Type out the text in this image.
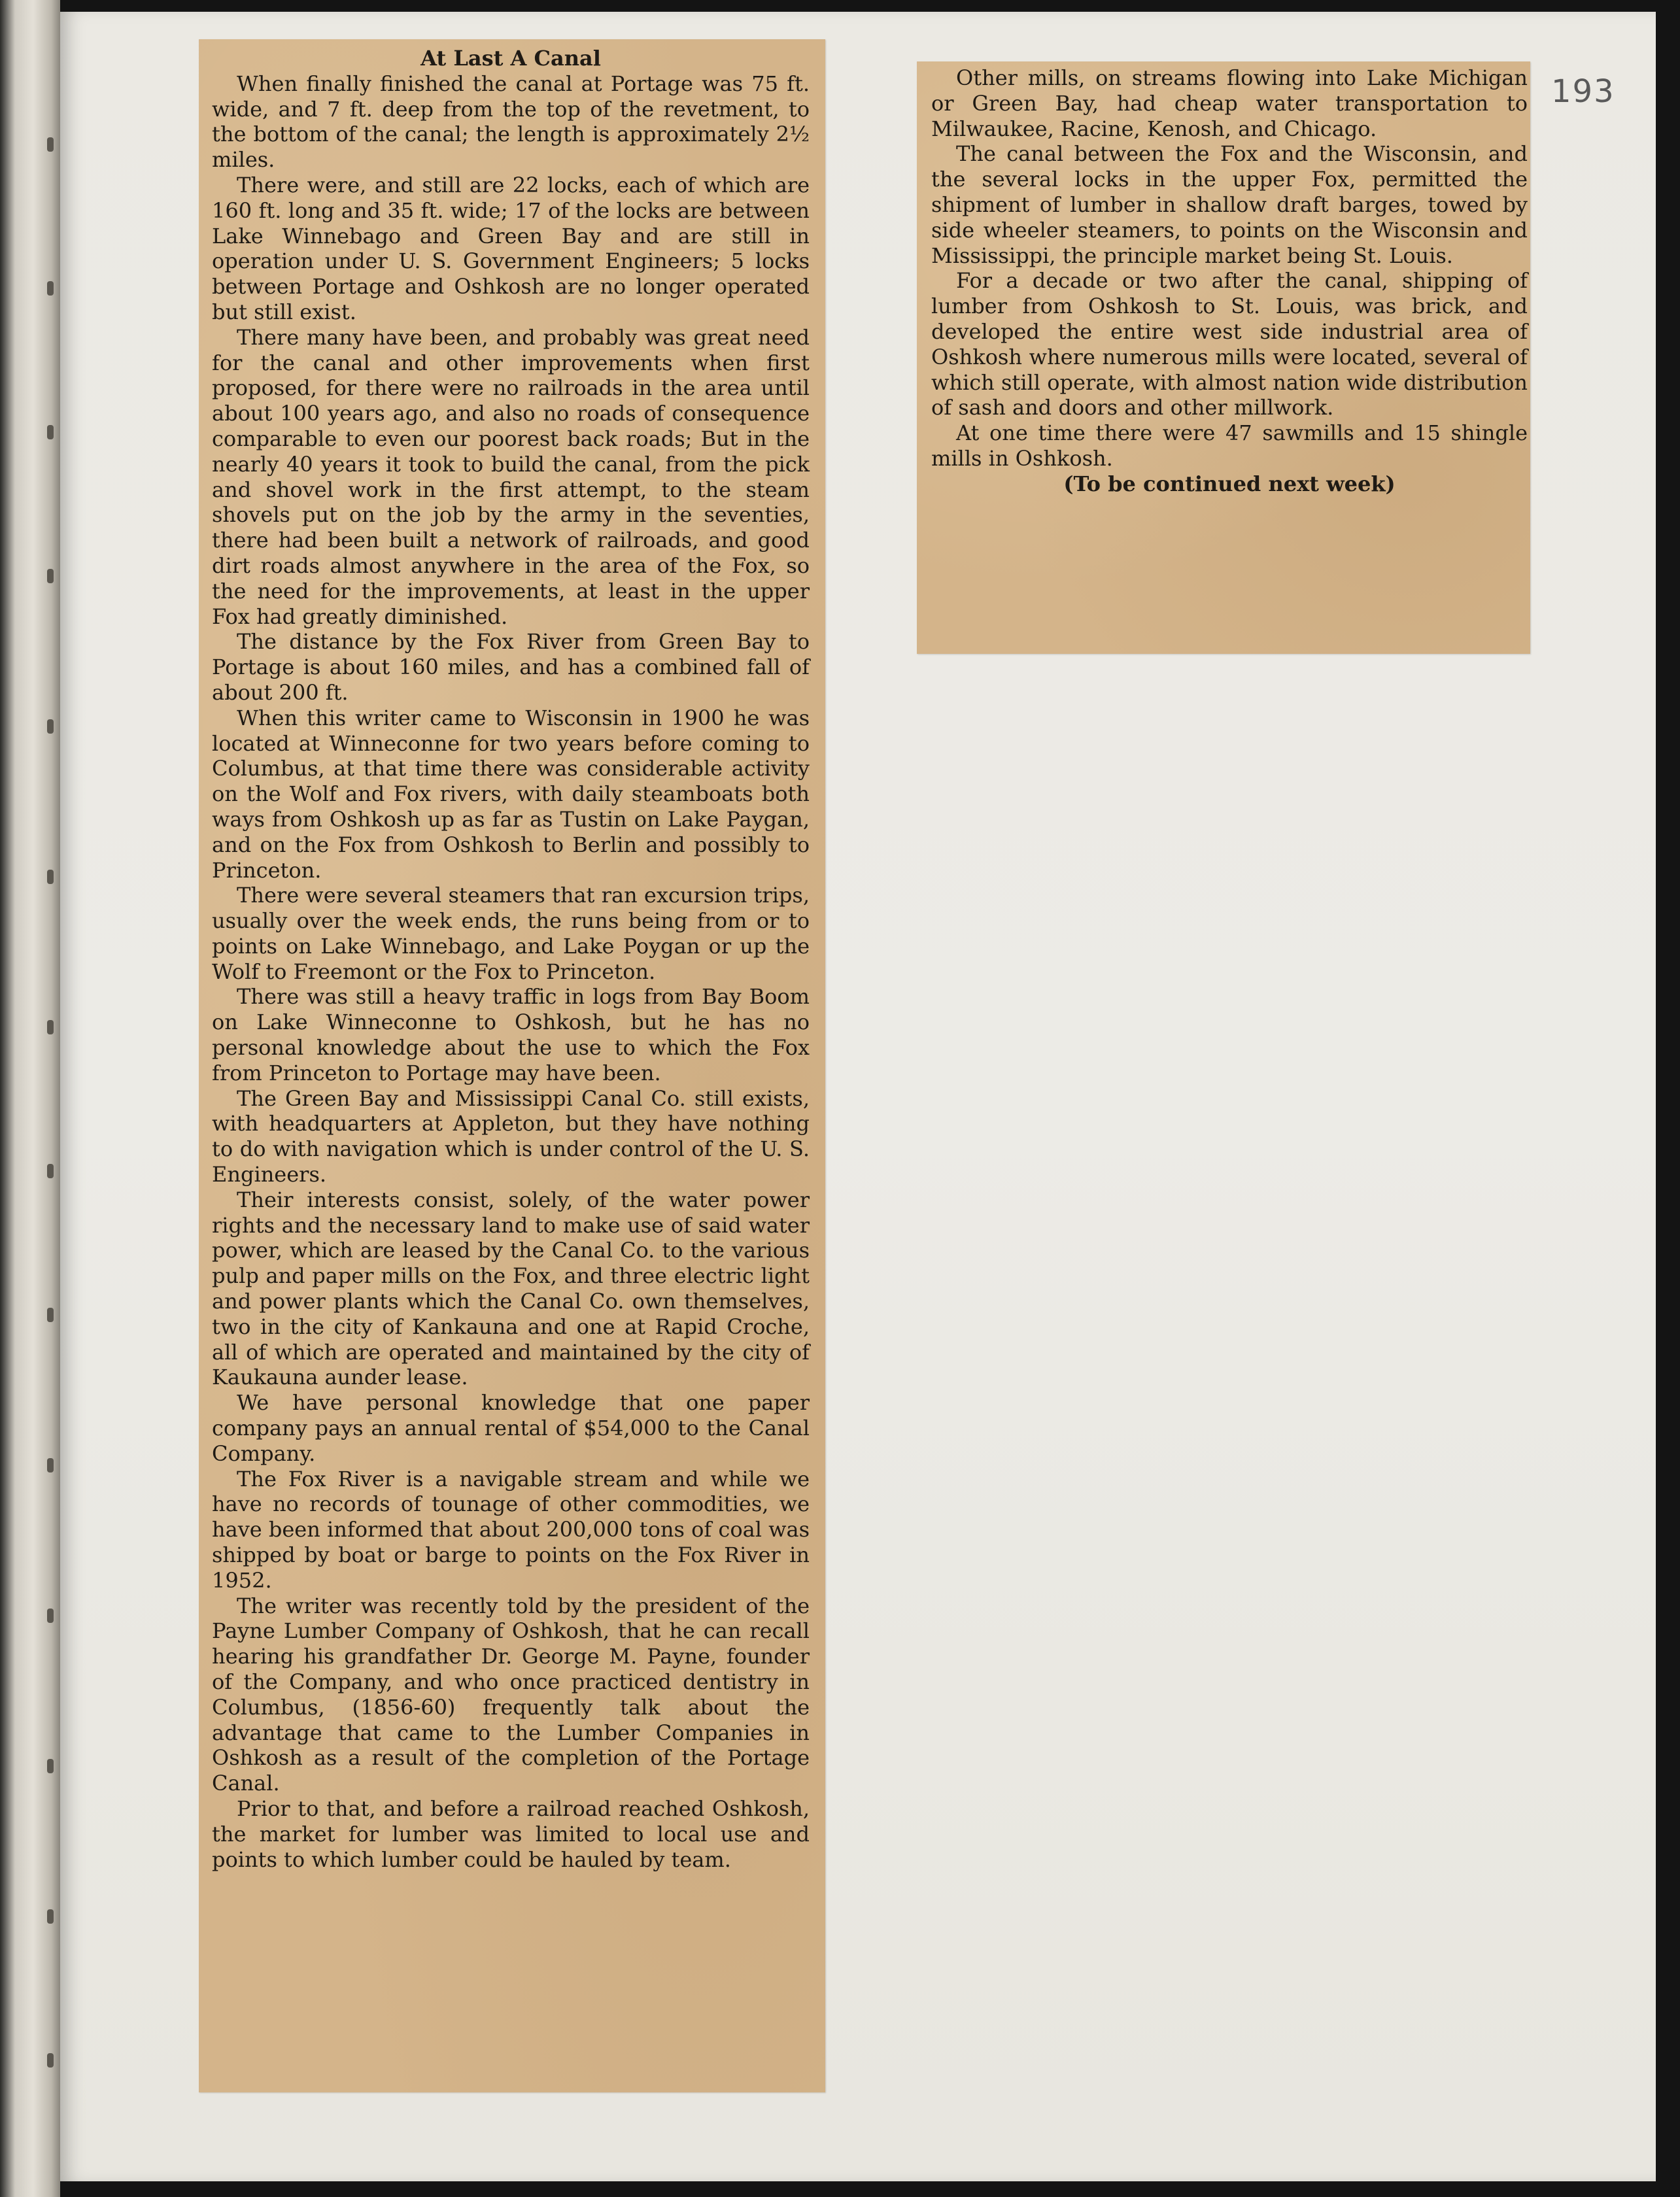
193

At Last A Canal

When finally finished the canal at Portage was 75 ft. wide, and 7 ft. deep from the top of the revetment, to the bottom of the canal; the length is approximately 2½ miles.

There were, and still are 22 locks, each of which are 160 ft. long and 35 ft. wide; 17 of the locks are between Lake Winnebago and Green Bay and are still in operation under U. S. Government Engineers; 5 locks between Portage and Oshkosh are no longer operated but still exist.

There many have been, and probably was great need for the canal and other improvements when first proposed, for there were no railroads in the area until about 100 years ago, and also no roads of consequence comparable to even our poorest back roads; But in the nearly 40 years it took to build the canal, from the pick and shovel work in the first attempt, to the steam shovels put on the job by the army in the seventies, there had been built a network of railroads, and good dirt roads almost anywhere in the area of the Fox, so the need for the improvements, at least in the upper Fox had greatly diminished.

The distance by the Fox River from Green Bay to Portage is about 160 miles, and has a combined fall of about 200 ft.

When this writer came to Wisconsin in 1900 he was located at Winneconne for two years before coming to Columbus, at that time there was considerable activity on the Wolf and Fox rivers, with daily steamboats both ways from Oshkosh up as far as Tustin on Lake Paygan, and on the Fox from Oshkosh to Berlin and possibly to Princeton.

There were several steamers that ran excursion trips, usually over the week ends, the runs being from or to points on Lake Winnebago, and Lake Poygan or up the Wolf to Freemont or the Fox to Princeton.

There was still a heavy traffic in logs from Bay Boom on Lake Winneconne to Oshkosh, but he has no personal knowledge about the use to which the Fox from Princeton to Portage may have been.

The Green Bay and Mississippi Canal Co. still exists, with headquarters at Appleton, but they have nothing to do with navigation which is under control of the U. S. Engineers.

Their interests consist, solely, of the water power rights and the necessary land to make use of said water power, which are leased by the Canal Co. to the various pulp and paper mills on the Fox, and three electric light and power plants which the Canal Co. own themselves, two in the city of Kankauna and one at Rapid Croche, all of which are operated and maintained by the city of Kaukauna aunder lease.

We have personal knowledge that one paper company pays an annual rental of $54,000 to the Canal Company.

The Fox River is a navigable stream and while we have no records of tounage of other commodities, we have been informed that about 200,000 tons of coal was shipped by boat or barge to points on the Fox River in 1952.

The writer was recently told by the president of the Payne Lumber Company of Oshkosh, that he can recall hearing his grandfather Dr. George M. Payne, founder of the Company, and who once practiced dentistry in Columbus, (1856-60) frequently talk about the advantage that came to the Lumber Companies in Oshkosh as a result of the completion of the Portage Canal.

Prior to that, and before a railroad reached Oshkosh, the market for lumber was limited to local use and points to which lumber could be hauled by team.

Other mills, on streams flowing into Lake Michigan or Green Bay, had cheap water transportation to Milwaukee, Racine, Kenosh, and Chicago.

The canal between the Fox and the Wisconsin, and the several locks in the upper Fox, permitted the shipment of lumber in shallow draft barges, towed by side wheeler steamers, to points on the Wisconsin and Mississippi, the principle market being St. Louis.

For a decade or two after the canal, shipping of lumber from Oshkosh to St. Louis, was brick, and developed the entire west side industrial area of Oshkosh where numerous mills were located, several of which still operate, with almost nation wide distribution of sash and doors and other millwork.

At one time there were 47 sawmills and 15 shingle mills in Oshkosh.

(To be continued next week)
